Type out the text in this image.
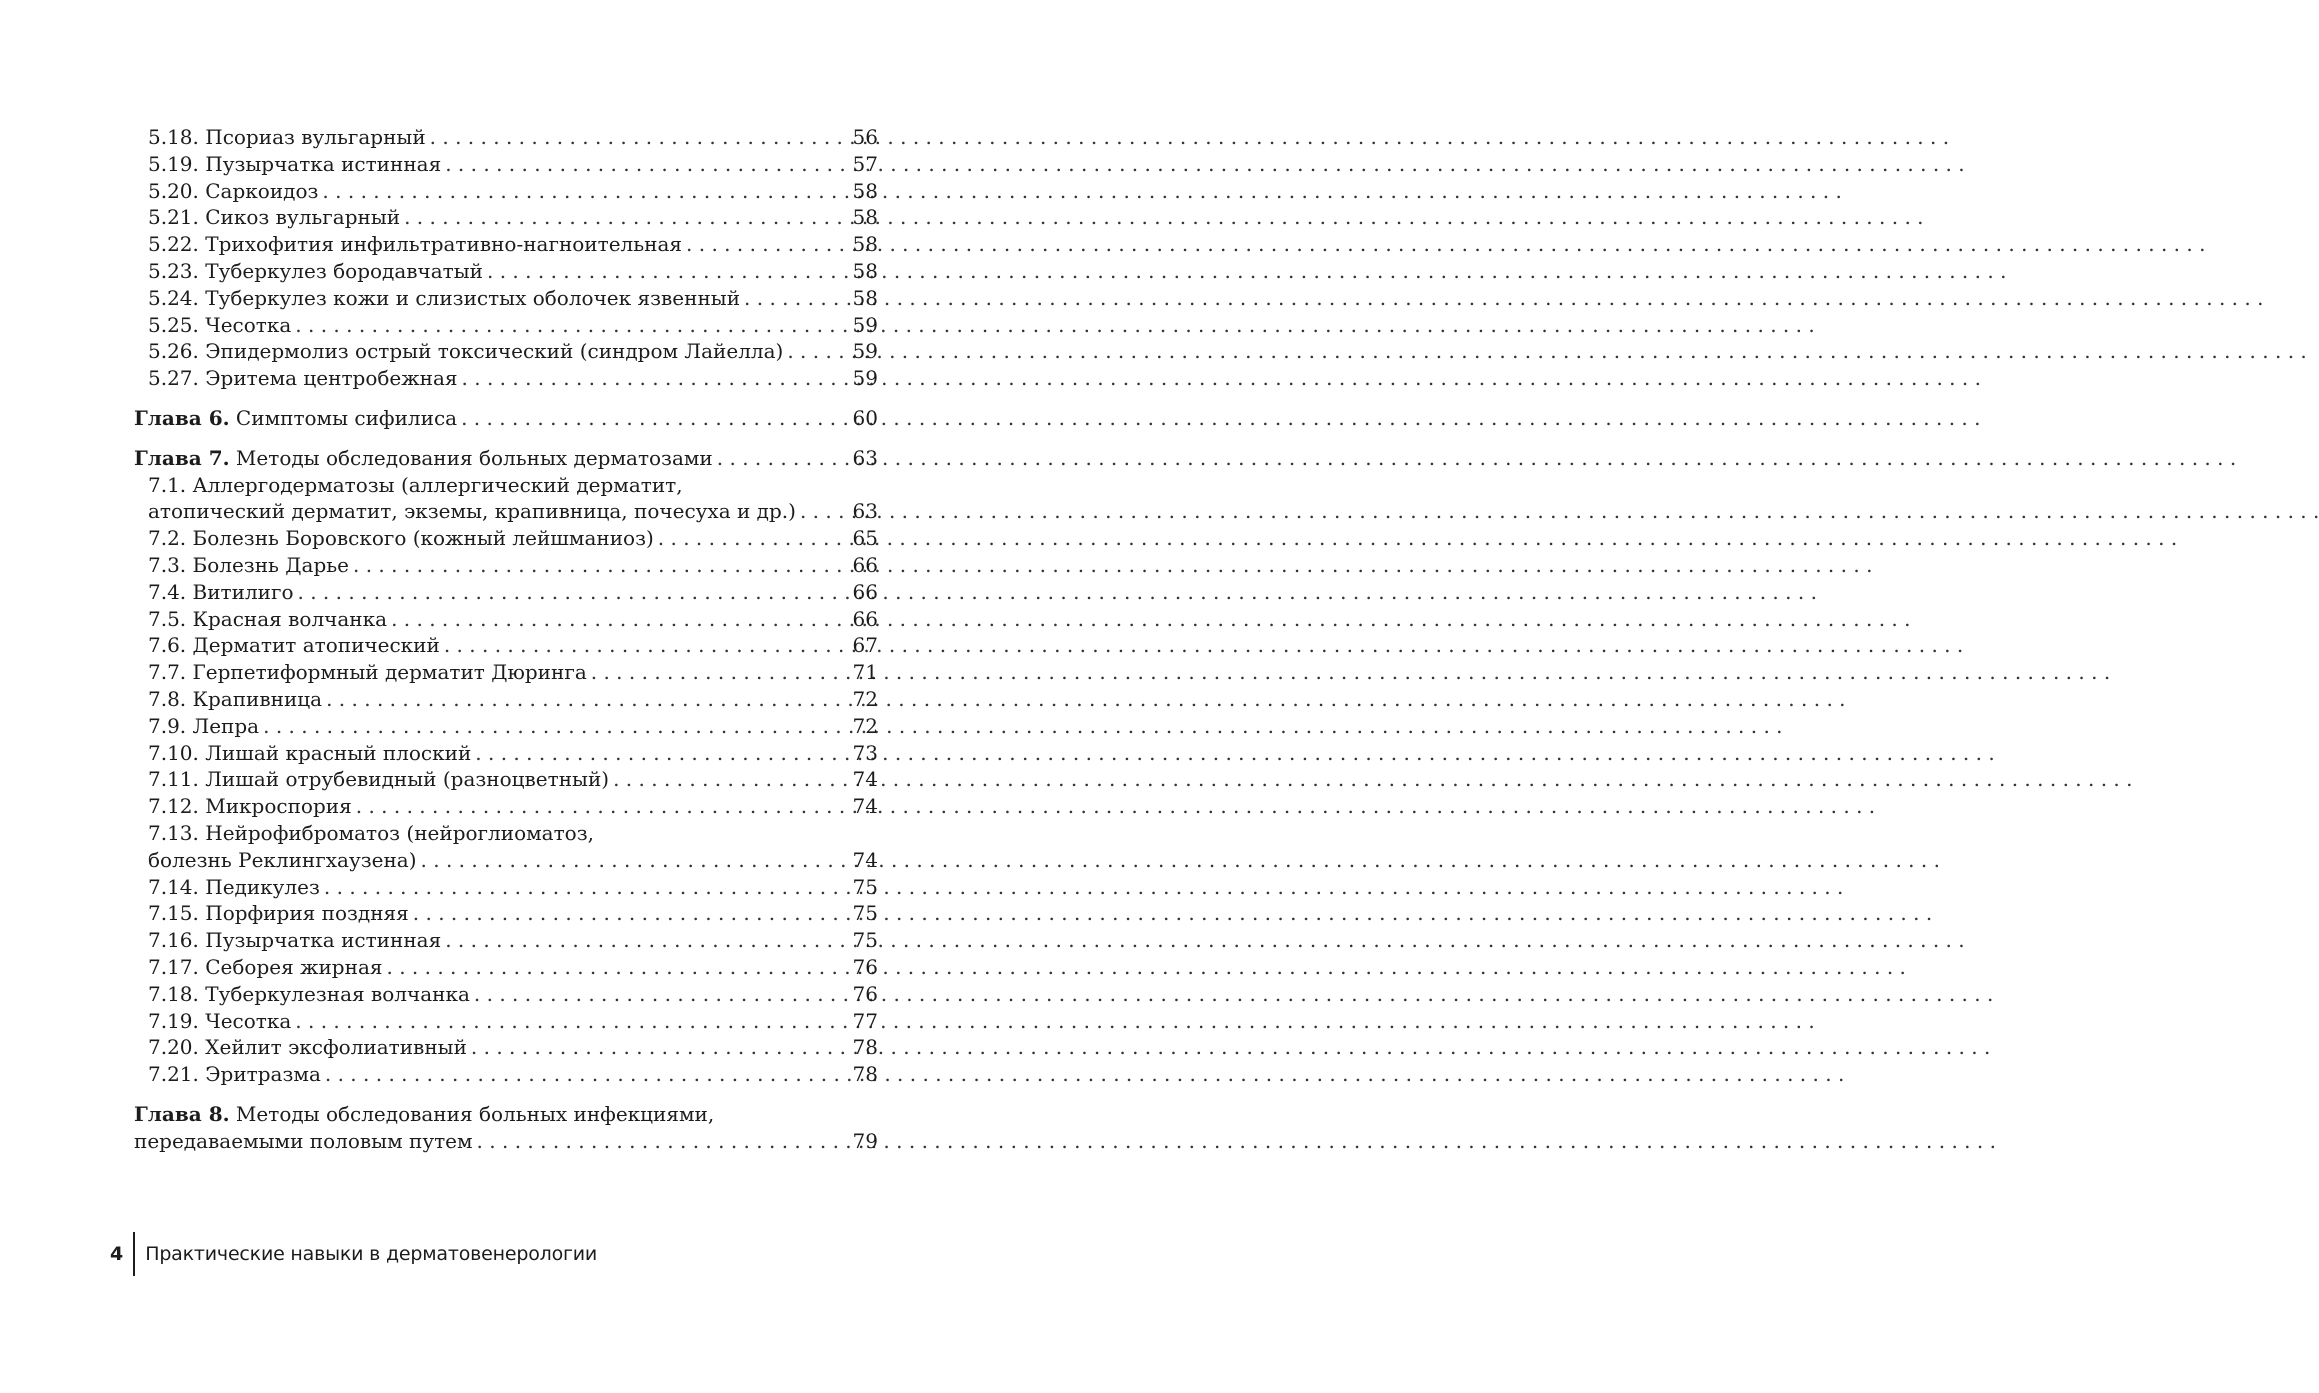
5.18. Псориаз вульгарный . . .	56
5.19. Пузырчатка истинная . . .	57
5.20. Саркоидоз . . .	58
5.21. Сикоз вульгарный . . .	58
5.22. Трихофития инфильтративно-нагноительная . . .	58
5.23. Туберкулез бородавчатый . . .	58
5.24. Туберкулез кожи и слизистых оболочек язвенный . . .	58
5.25. Чесотка . . .	59
5.26. Эпидермолиз острый токсический (синдром Лайелла) . . .	59
5.27. Эритема центробежная . . .	59
Глава 6. Симптомы сифилиса . . .	60
Глава 7. Методы обследования больных дерматозами . . .	63
7.1. Аллергодерматозы (аллергический дерматит,
атопический дерматит, экземы, крапивница, почесуха и др.) . . .	63
7.2. Болезнь Боровского (кожный лейшманиоз) . . .	65
7.3. Болезнь Дарье . . .	66
7.4. Витилиго . . .	66
7.5. Красная волчанка . . .	66
7.6. Дерматит атопический . . .	67
7.7. Герпетиформный дерматит Дюринга . . .	71
7.8. Крапивница . . .	72
7.9. Лепра . . .	72
7.10. Лишай красный плоский . . .	73
7.11. Лишай отрубевидный (разноцветный) . . .	74
7.12. Микроспория . . .	74
7.13. Нейрофиброматоз (нейроглиоматоз,
болезнь Реклингхаузена) . . .	74
7.14. Педикулез . . .	75
7.15. Порфирия поздняя . . .	75
7.16. Пузырчатка истинная . . .	75
7.17. Себорея жирная . . .	76
7.18. Туберкулезная волчанка . . .	76
7.19. Чесотка . . .	77
7.20. Хейлит эксфолиативный . . .	78
7.21. Эритразма . . .	78
Глава 8. Методы обследования больных инфекциями,
передаваемыми половым путем . . .	79
4	Практические навыки в дерматовенерологии
